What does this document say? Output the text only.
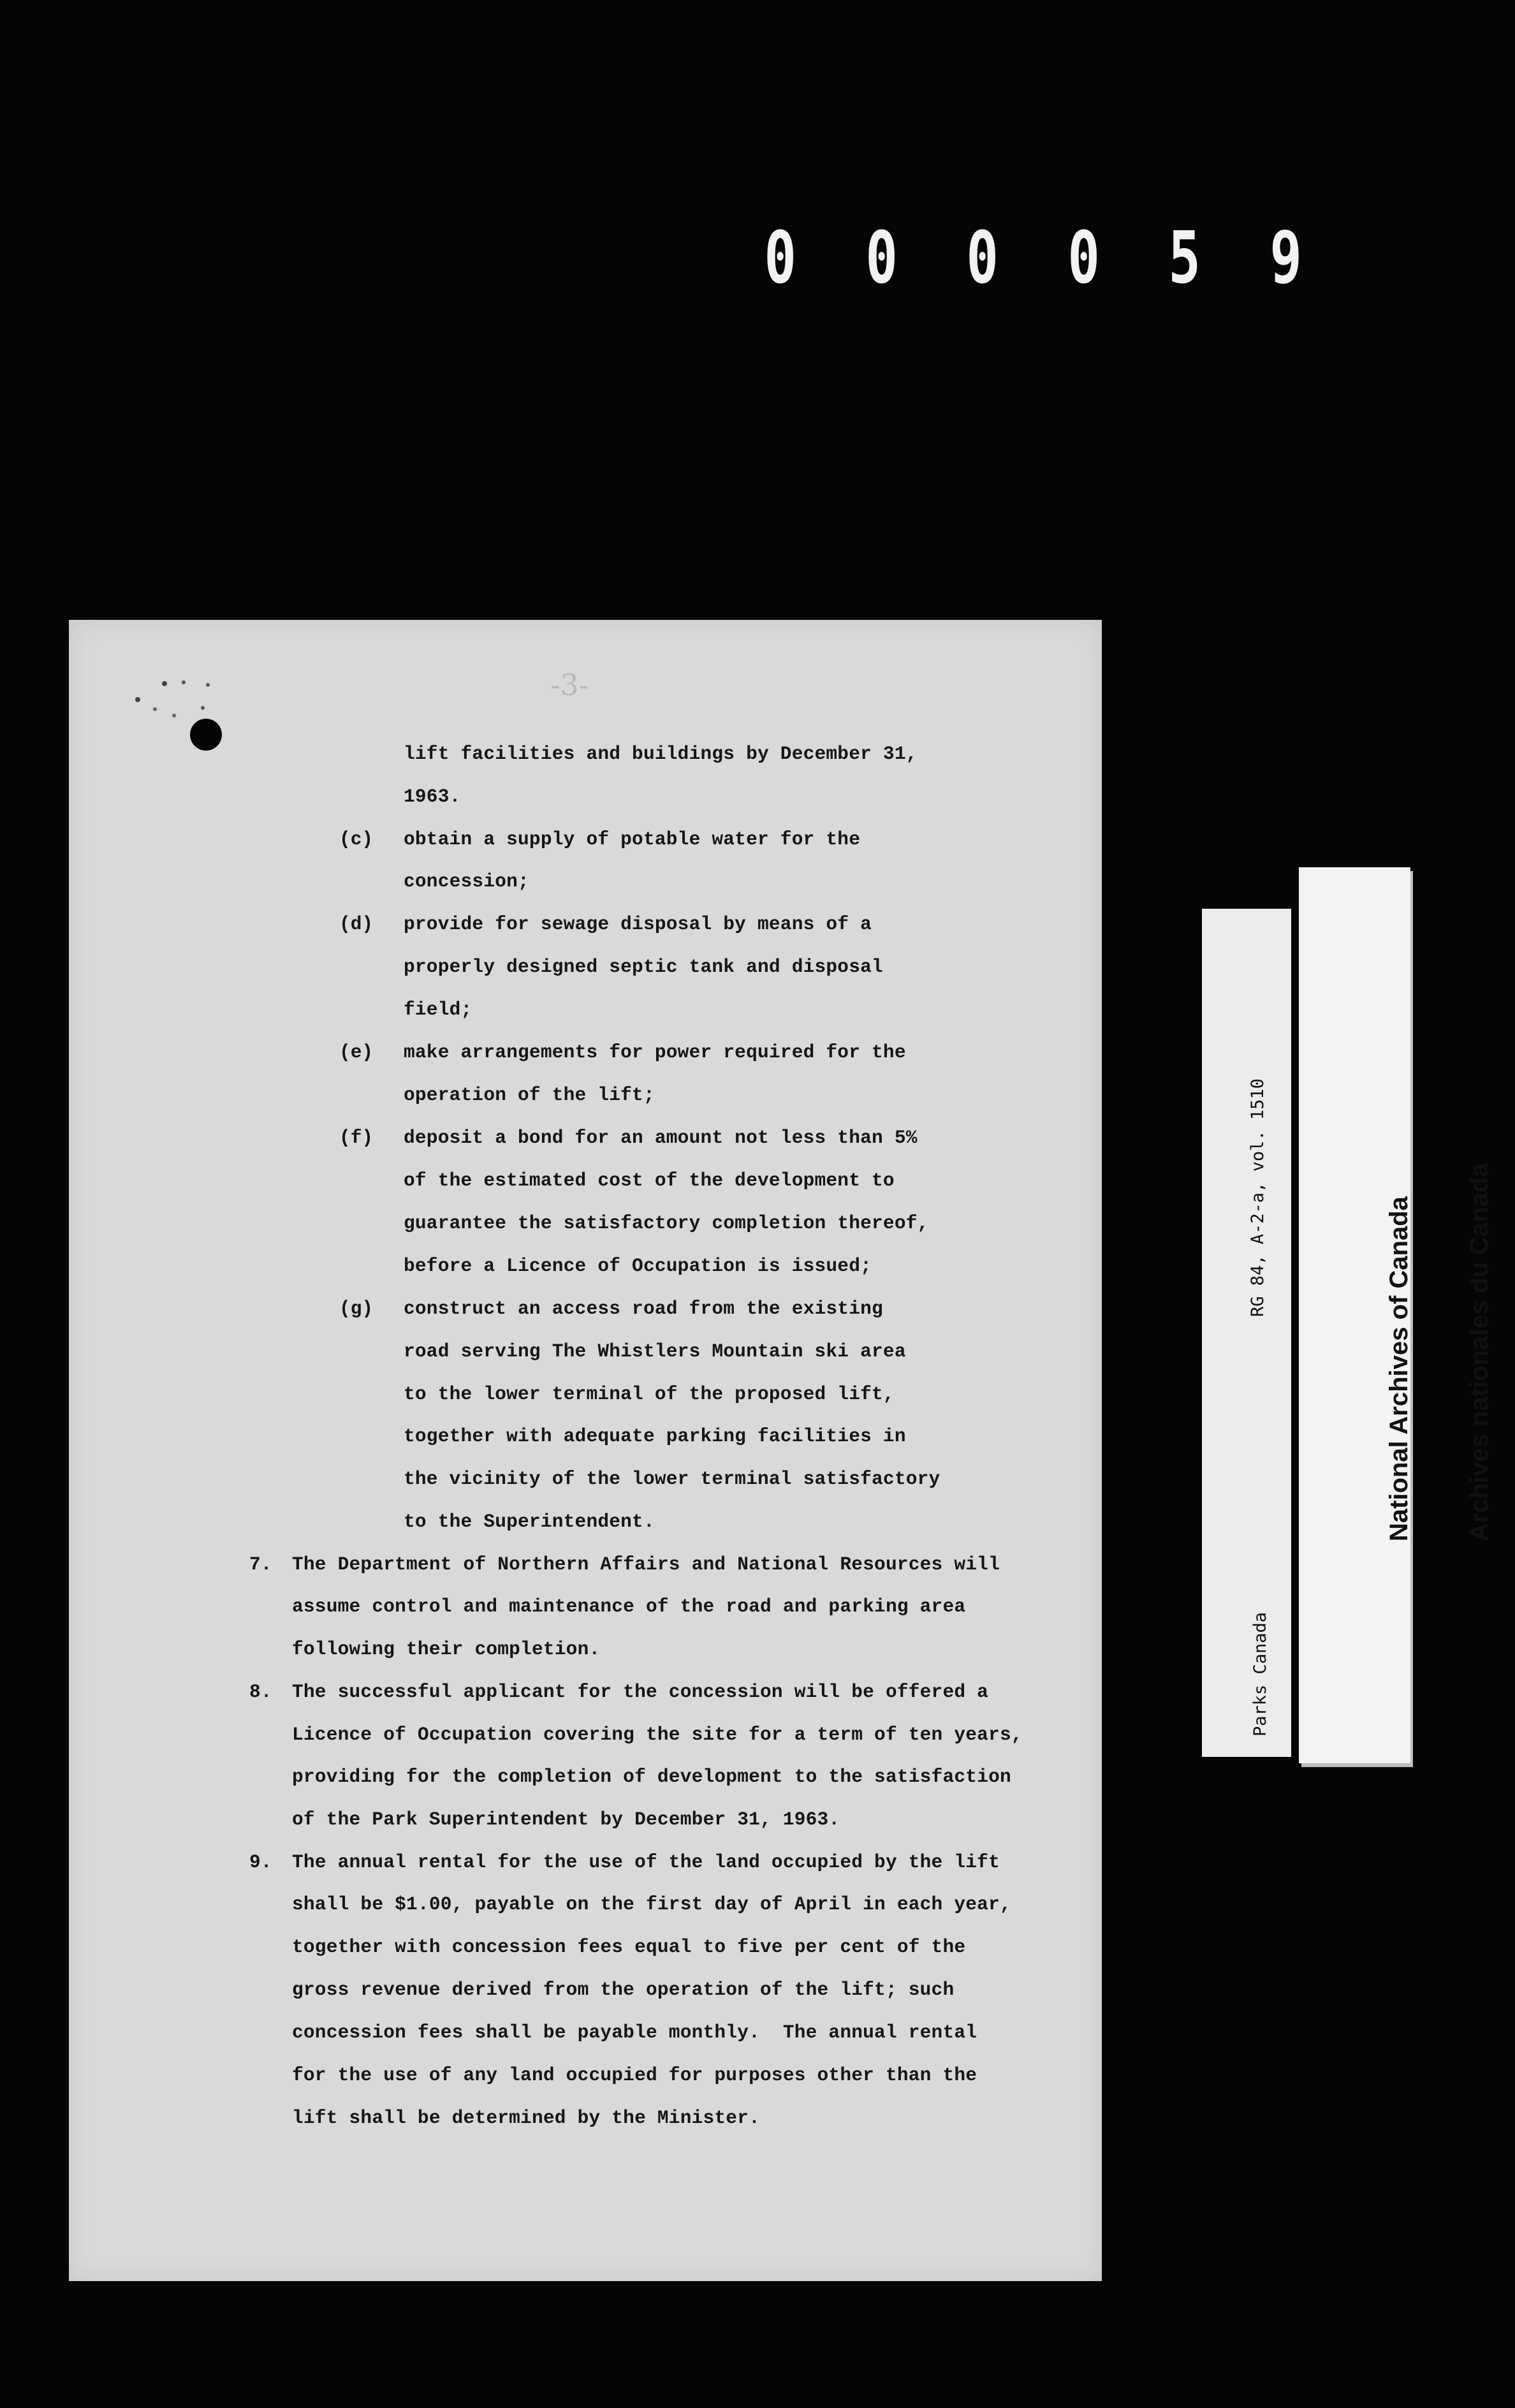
0 0 0 0 5 9
-3-
lift facilities and buildings by December 31,
1963.
(c) obtain a supply of potable water for the
concession;
(d) provide for sewage disposal by means of a
properly designed septic tank and disposal
field;
(e) make arrangements for power required for the
operation of the lift;
(f) deposit a bond for an amount not less than 5%
of the estimated cost of the development to
guarantee the satisfactory completion thereof,
before a Licence of Occupation is issued;
(g) construct an access road from the existing
road serving The Whistlers Mountain ski area
to the lower terminal of the proposed lift,
together with adequate parking facilities in
the vicinity of the lower terminal satisfactory
to the Superintendent.
7. The Department of Northern Affairs and National Resources will
assume control and maintenance of the road and parking area
following their completion.
8. The successful applicant for the concession will be offered a
Licence of Occupation covering the site for a term of ten years,
providing for the completion of development to the satisfaction
of the Park Superintendent by December 31, 1963.
9. The annual rental for the use of the land occupied by the lift
shall be $1.00, payable on the first day of April in each year,
together with concession fees equal to five per cent of the
gross revenue derived from the operation of the lift; such
concession fees shall be payable monthly.  The annual rental
for the use of any land occupied for purposes other than the
lift shall be determined by the Minister.

RG 84, A-2-a, vol. 1510

Parks Canada

National Archives of Canada

Archives nationales du Canada
